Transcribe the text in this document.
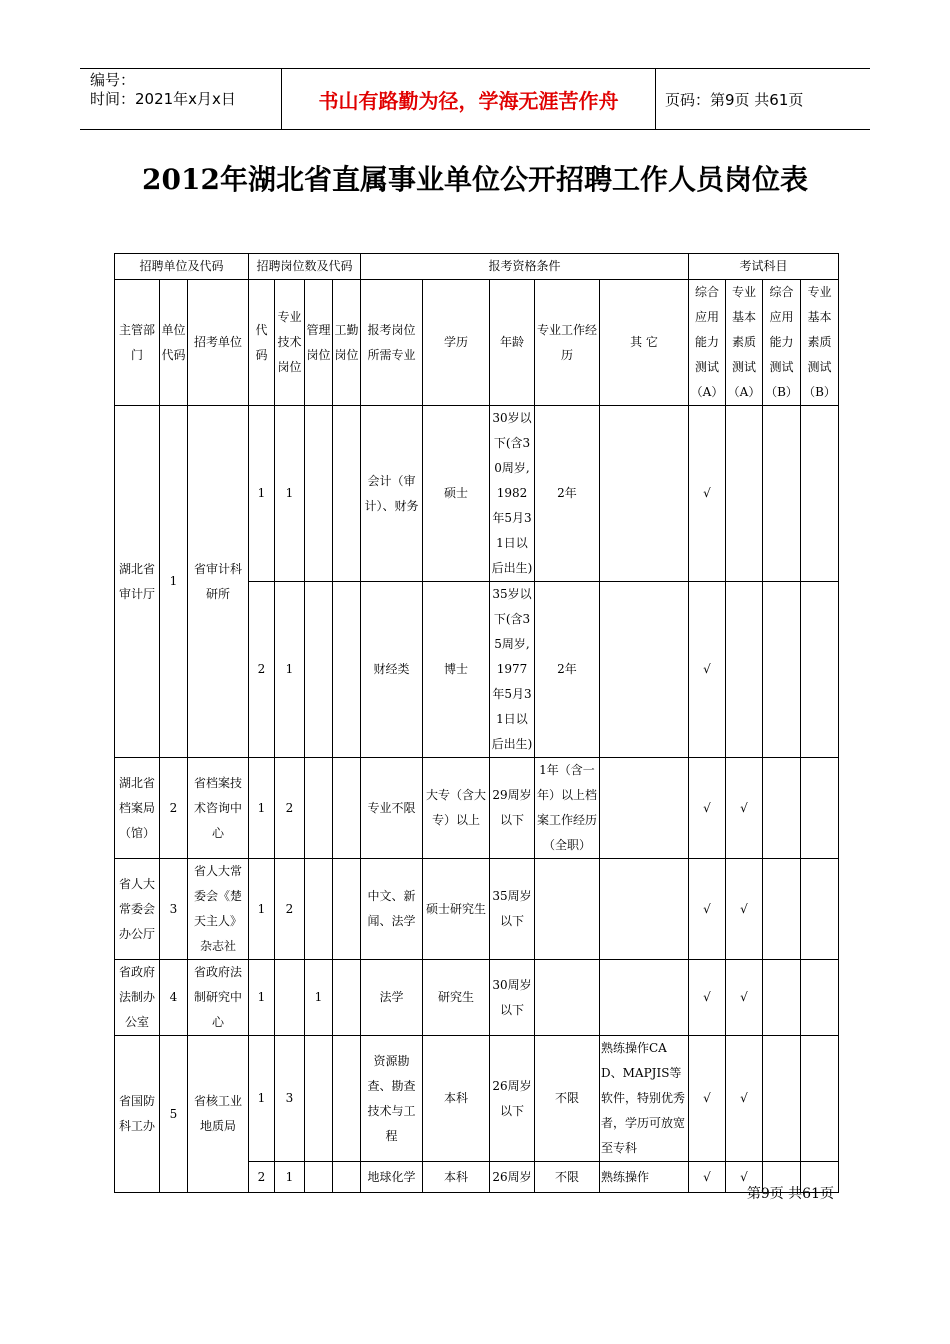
编号：
时间：2021年x月x日	书山有路勤为径，学海无涯苦作舟	页码：第9页 共61页
2012年湖北省直属事业单位公开招聘工作人员岗位表
招聘单位及代码			招聘岗位数及代码				报考资格条件					考试科目			
主管部门	单位代码	招考单位	代码	专业技术岗位	管理岗位	工勤岗位	报考岗位所需专业	学历	年龄	专业工作经历	其 它	综合应用能力测试（A）	专业基本素质测试（A）	综合应用能力测试（B）	专业基本素质测试（B）
湖北省审计厅	1	省审计科研所	1	1			会计（审计）、财务	硕士	30岁以下(含30周岁,1982年5月31日以后出生)	2年		√			
			2	1			财经类	博士	35岁以下(含35周岁,1977年5月31日以后出生)	2年		√			
湖北省档案局（馆）	2	省档案技术咨询中心	1	2			专业不限	大专（含大专）以上	29周岁以下	1年（含一年）以上档案工作经历（全职）		√	√		
省人大常委会办公厅	3	省人大常委会《楚天主人》杂志社	1	2			中文、新闻、法学	硕士研究生	35周岁以下			√	√		
省政府法制办公室	4	省政府法制研究中心	1		1		法学	研究生	30周岁以下			√	√		
省国防科工办	5	省核工业地质局	1	3			资源勘查、勘查技术与工程	本科	26周岁以下	不限	熟练操作CAD、MAPJIS等软件，特别优秀者，学历可放宽至专科	√	√		
			2	1			地球化学	本科	26周岁	不限	熟练操作	√	√		
第9页 共61页
